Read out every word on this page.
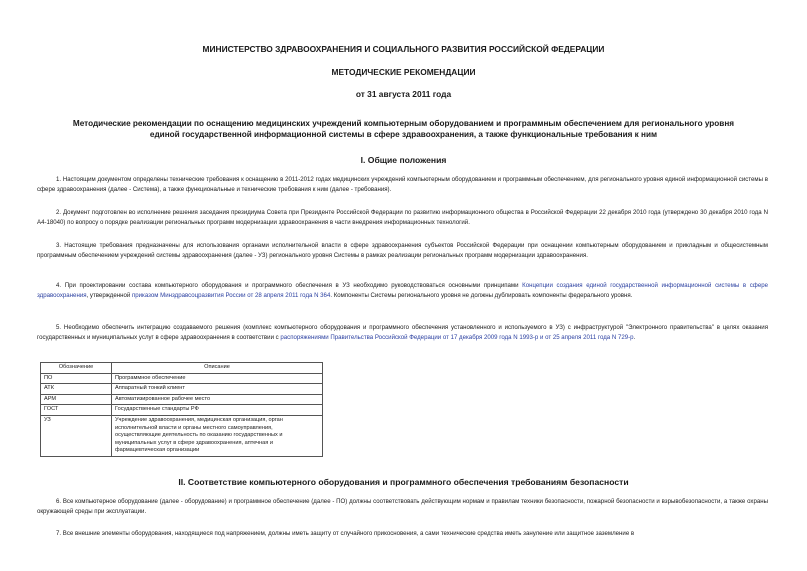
МИНИСТЕРСТВО ЗДРАВООХРАНЕНИЯ И СОЦИАЛЬНОГО РАЗВИТИЯ РОССИЙСКОЙ ФЕДЕРАЦИИ
МЕТОДИЧЕСКИЕ РЕКОМЕНДАЦИИ
от 31 августа 2011 года
Методические рекомендации по оснащению медицинских учреждений компьютерным оборудованием и программным обеспечением для регионального уровня
единой государственной информационной системы в сфере здравоохранения, а также функциональные требования к ним
I. Общие положения

1. Настоящим документом определены технические требования к оснащению в 2011-2012 годах медицинских учреждений компьютерным оборудованием и программным обеспечением, для регионального уровня единой информационной системы в сфере здравоохранения (далее - Система), а также функциональные и технические требования к ним (далее - требования).

2. Документ подготовлен во исполнение решения заседания президиума Совета при Президенте Российской Федерации по развитию информационного общества в Российской Федерации 22 декабря 2010 года (утверждено 30 декабря 2010 года N А4-18040) по вопросу о порядке реализации региональных программ модернизации здравоохранения в части внедрения информационных технологий.

3. Настоящие требования предназначены для использования органами исполнительной власти в сфере здравоохранения субъектов Российской Федерации при оснащении компьютерным оборудованием и прикладным и общесистемным программным обеспечением учреждений системы здравоохранения (далее - УЗ) регионального уровня Системы в рамках реализации региональных программ модернизации здравоохранения.

4. При проектировании состава компьютерного оборудования и программного обеспечения в УЗ необходимо руководствоваться основными принципами Концепции создания единой государственной информационной системы в сфере здравоохранения, утвержденной приказом Минздравсоцразвития России от 28 апреля 2011 года N 364. Компоненты Системы регионального уровня не должны дублировать компоненты федерального уровня.

5. Необходимо обеспечить интеграцию создаваемого решения (комплекс компьютерного оборудования и программного обеспечения установленного и используемого в УЗ) с инфраструктурой "Электронного правительства" в целях оказания государственных и муниципальных услуг в сфере здравоохранения в соответствии с распоряжениями Правительства Российской Федерации от 17 декабря 2009 года N 1993-р и от 25 апреля 2011 года N 729-р.

Обозначение	Описание
ПО	Программное обеспечение
АТК	Аппаратный тонкий клиент
АРМ	Автоматизированное рабочее место
ГОСТ	Государственные стандарты РФ
УЗ	Учреждение здравоохранения, медицинская организация, орган исполнительной власти и органы местного самоуправления, осуществляющие деятельность по оказанию государственных и муниципальных услуг в сфере здравоохранения, аптечная и фармацевтическая организации
II. Соответствие компьютерного оборудования и программного обеспечения требованиям безопасности

6. Все компьютерное оборудование (далее - оборудование) и программное обеспечение (далее - ПО) должны соответствовать действующим нормам и правилам техники безопасности, пожарной безопасности и взрывобезопасности, а также охраны окружающей среды при эксплуатации.

7. Все внешние элементы оборудования, находящиеся под напряжением, должны иметь защиту от случайного прикосновения, а сами технические средства иметь зануление или защитное заземление в
